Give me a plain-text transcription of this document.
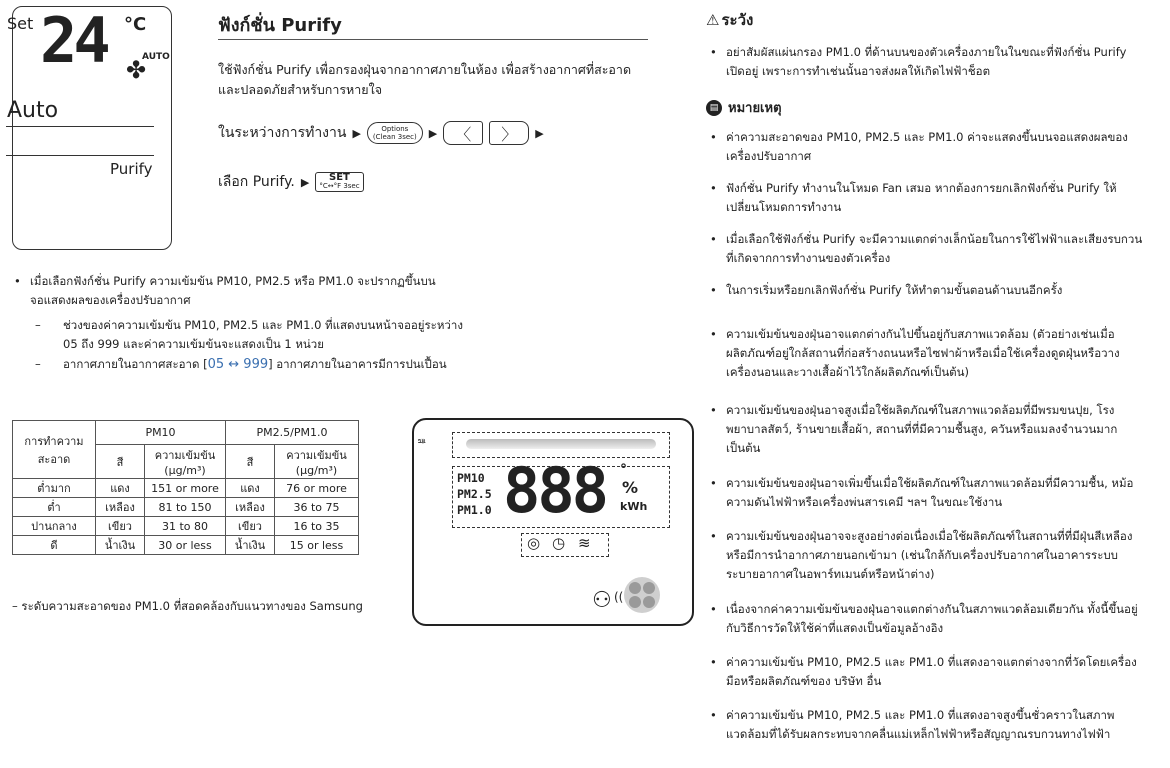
Set 24 °C
✤
AUTO
Auto
Purify
ฟังก์ชั่น Purify
ใช้ฟังก์ชั่น Purify เพื่อกรองฝุ่นจากอากาศภายในห้อง เพื่อสร้างอากาศที่สะอาดและปลอดภัยสำหรับการหายใจ
ในระหว่างการทำงาน ▶	Options
(Clean 3sec)	▶	〈	〉	▶
เลือก Purify. ▶	SET
°C↔°F 3sec
• เมื่อเลือกฟังก์ชั่น Purify ความเข้มข้น PM10, PM2.5 หรือ PM1.0 จะปรากฏขึ้นบนจอแสดงผลของเครื่องปรับอากาศ
– ช่วงของค่าความเข้มข้น PM10, PM2.5 และ PM1.0 ที่แสดงบนหน้าจออยู่ระหว่าง 05 ถึง 999 และค่าความเข้มข้นจะแสดงเป็น 1 หน่วย
– อากาศภายในอากาศสะอาด [05 ↔ 999] อากาศภายในอาคารมีการปนเปื้อน
การทำความสะอาด	PM10		PM2.5/PM1.0	
	สี	ความเข้มข้น (μg/m³)	สี	ความเข้มข้น (μg/m³)
ต่ำมาก	แดง	151 or more	แดง	76 or more
ต่ำ	เหลือง	81 to 150	เหลือง	36 to 75
ปานกลาง	เขียว	31 to 80	เขียว	16 to 35
ดี	น้ำเงิน	30 or less	น้ำเงิน	15 or less
– ระดับความสะอาดของ PM1.0 ที่สอดคล้องกับแนวทางของ Samsung
สี
PM10
PM2.5
PM1.0 888 °
%
kWh
◎ ◷ ≋
⚇ ((
⚠ ระวัง
• อย่าสัมผัสแผ่นกรอง PM1.0 ที่ด้านบนของตัวเครื่องภายในในขณะที่ฟังก์ชั่น Purify เปิดอยู่ เพราะการทำเช่นนั้นอาจส่งผลให้เกิดไฟฟ้าช็อต
▤ หมายเหตุ
• ค่าความสะอาดของ PM10, PM2.5 และ PM1.0 ค่าจะแสดงขึ้นบนจอแสดงผลของเครื่องปรับอากาศ
• ฟังก์ชั่น Purify ทำงานในโหมด Fan เสมอ หากต้องการยกเลิกฟังก์ชั่น Purify ให้เปลี่ยนโหมดการทำงาน
• เมื่อเลือกใช้ฟังก์ชั่น Purify จะมีความแตกต่างเล็กน้อยในการใช้ไฟฟ้าและเสียงรบกวนที่เกิดจากการทำงานของตัวเครื่อง
• ในการเริ่มหรือยกเลิกฟังก์ชั่น Purify ให้ทำตามขั้นตอนด้านบนอีกครั้ง
• ความเข้มข้นของฝุ่นอาจแตกต่างกันไปขึ้นอยู่กับสภาพแวดล้อม (ตัวอย่างเช่นเมื่อผลิตภัณฑ์อยู่ใกล้สถานที่ก่อสร้างถนนหรือไซฟาผ้าหรือเมื่อใช้เครื่องดูดฝุ่นหรือวางเครื่องนอนและวางเสื้อผ้าไว้ใกล้ผลิตภัณฑ์เป็นต้น)
• ความเข้มข้นของฝุ่นอาจสูงเมื่อใช้ผลิตภัณฑ์ในสภาพแวดล้อมที่มีพรมขนปุย, โรงพยาบาลสัตว์, ร้านขายเสื้อผ้า, สถานที่ที่มีความชื้นสูง, ควันหรือแมลงจำนวนมาก เป็นต้น
• ความเข้มข้นของฝุ่นอาจเพิ่มขึ้นเมื่อใช้ผลิตภัณฑ์ในสภาพแวดล้อมที่มีความชื้น, หม้อความดันไฟฟ้าหรือเครื่องพ่นสารเคมี ฯลฯ ในขณะใช้งาน
• ความเข้มข้นของฝุ่นอาจจะสูงอย่างต่อเนื่องเมื่อใช้ผลิตภัณฑ์ในสถานที่ที่มีฝุ่นสีเหลืองหรือมีการนำอากาศภายนอกเข้ามา (เช่นใกล้กับเครื่องปรับอากาศในอาคารระบบระบายอากาศในอพาร์ทเมนต์หรือหน้าต่าง)
• เนื่องจากค่าความเข้มข้นของฝุ่นอาจแตกต่างกันในสภาพแวดล้อมเดียวกัน ทั้งนี้ขึ้นอยู่กับวิธีการวัดให้ใช้ค่าที่แสดงเป็นข้อมูลอ้างอิง
• ค่าความเข้มข้น PM10, PM2.5 และ PM1.0 ที่แสดงอาจแตกต่างจากที่วัดโดยเครื่องมือหรือผลิตภัณฑ์ของ บริษัท อื่น
• ค่าความเข้มข้น PM10, PM2.5 และ PM1.0 ที่แสดงอาจสูงขึ้นชั่วคราวในสภาพแวดล้อมที่ได้รับผลกระทบจากคลื่นแม่เหล็กไฟฟ้าหรือสัญญาณรบกวนทางไฟฟ้า
